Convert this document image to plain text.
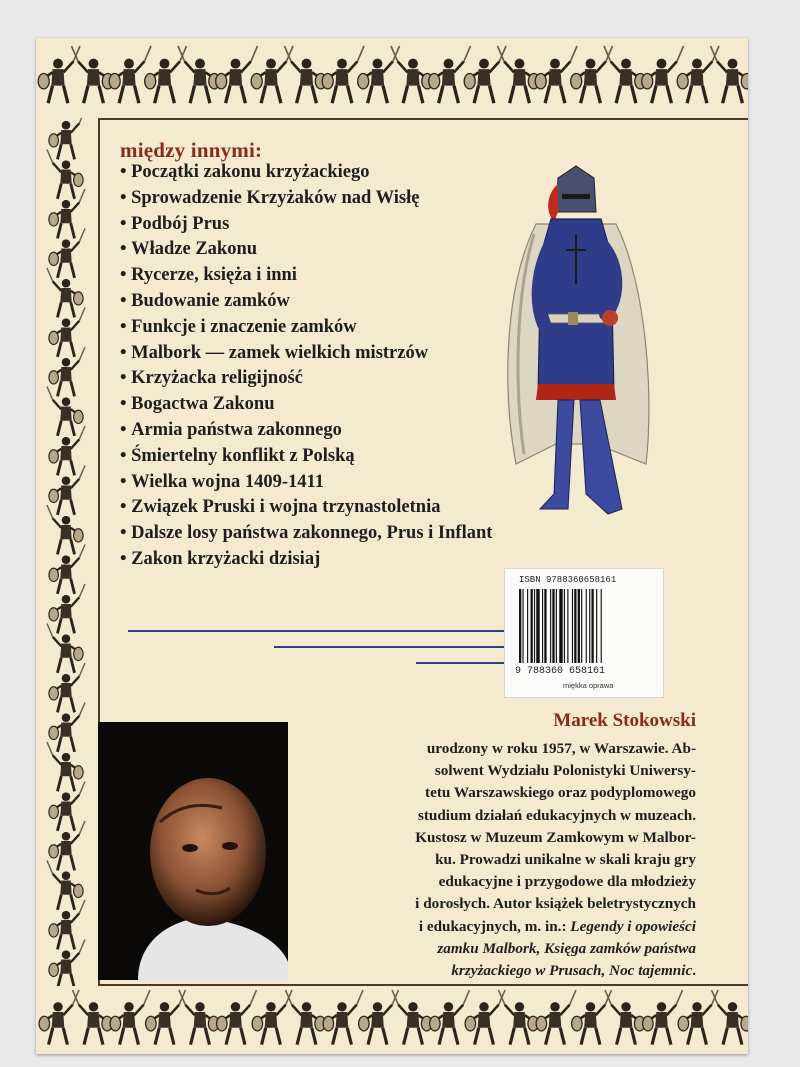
między innymi:
• Początki zakonu krzyżackiego
• Sprowadzenie Krzyżaków nad Wisłę
• Podbój Prus
• Władze Zakonu
• Rycerze, księża i inni
• Budowanie zamków
• Funkcje i znaczenie zamków
• Malbork — zamek wielkich mistrzów
• Krzyżacka religijność
• Bogactwa Zakonu
• Armia państwa zakonnego
• Śmiertelny konflikt z Polską
• Wielka wojna 1409-1411
• Związek Pruski i wojna trzynastoletnia
• Dalsze losy państwa zakonnego, Prus i Inflant
• Zakon krzyżacki dzisiaj
ISBN 9788360658161
9 788360 658161
miękka oprawa
Marek Stokowski
urodzony w roku 1957, w Warszawie. Ab-
solwent Wydziału Polonistyki Uniwersy-
tetu Warszawskiego oraz podyplomowego
studium działań edukacyjnych w muzeach.
Kustosz w Muzeum Zamkowym w Malbor-
ku. Prowadzi unikalne w skali kraju gry
edukacyjne i przygodowe dla młodzieży
i dorosłych. Autor książek beletrystycznych
i edukacyjnych, m. in.: Legendy i opowieści
zamku Malbork, Księga zamków państwa
krzyżackiego w Prusach, Noc tajemnic.
